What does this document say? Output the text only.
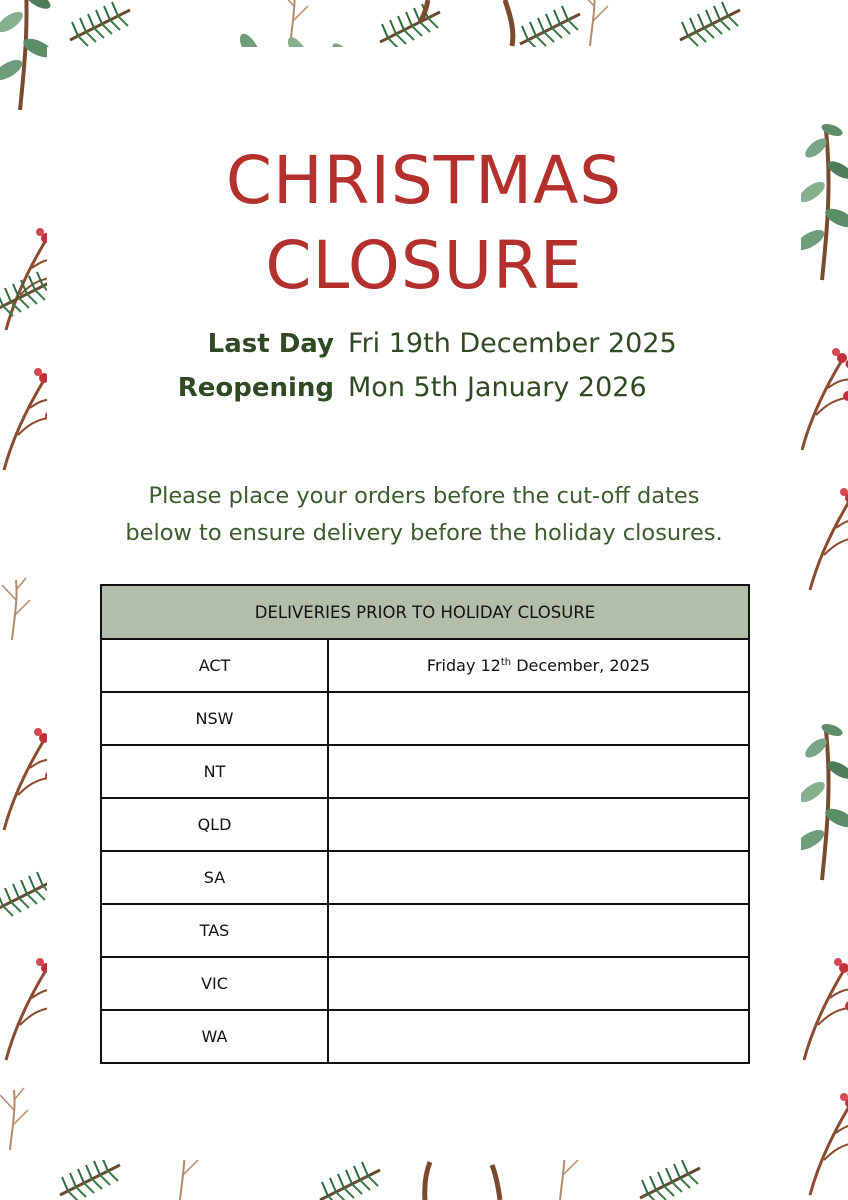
CHRISTMAS
CLOSURE
Last Day Fri 19th December 2025
Reopening Mon 5th January 2026
Please place your orders before the cut-off dates
below to ensure delivery before the holiday closures.
DELIVERIES PRIOR TO HOLIDAY CLOSURE	
ACT	Friday 12th December, 2025
NSW	
NT	
QLD	
SA	
TAS	
VIC	
WA	
